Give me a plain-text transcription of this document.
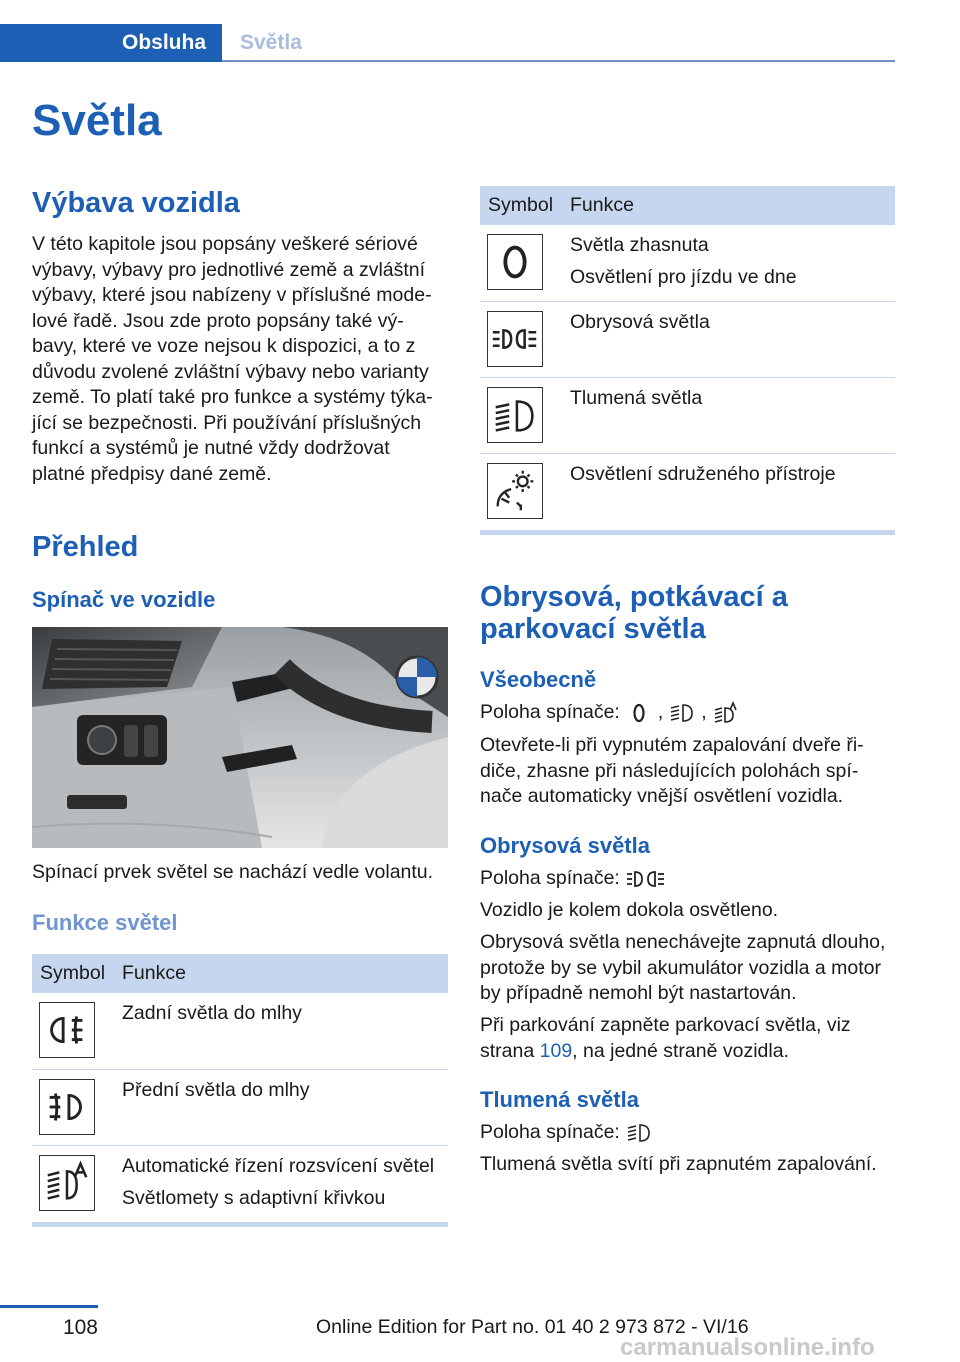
Obsluha	Světla
Světla
Výbava vozidla
V této kapitole jsou popsány veškeré sériové
výbavy, výbavy pro jednotlivé země a zvláštní
výbavy, které jsou nabízeny v příslušné mode‐
lové řadě. Jsou zde proto popsány také vý‐
bavy, které ve voze nejsou k dispozici, a to z
důvodu zvolené zvláštní výbavy nebo varianty
země. To platí také pro funkce a systémy týka‐
jící se bezpečnosti. Při používání příslušných
funkcí a systémů je nutné vždy dodržovat
platné předpisy dané země.
Přehled
Spínač ve vozidle
Spínací prvek světel se nachází vedle volantu.
Funkce světel
Symbol Funkce
Zadní světla do mlhy
Přední světla do mlhy
Automatické řízení rozsvícení světel
Světlomety s adaptivní křivkou
Symbol Funkce
Světla zhasnuta
Osvětlení pro jízdu ve dne
Obrysová světla
Tlumená světla
Osvětlení sdruženého přístroje
Obrysová, potkávací a parkovací světla
Všeobecně
Poloha spínače: , ,
Otevřete-li při vypnutém zapalování dveře ři‐
diče, zhasne při následujících polohách spí‐
nače automaticky vnější osvětlení vozidla.
Obrysová světla
Poloha spínače:
Vozidlo je kolem dokola osvětleno.
Obrysová světla nenechávejte zapnutá dlouho,
protože by se vybil akumulátor vozidla a motor
by případně nemohl být nastartován.
Při parkování zapněte parkovací světla, viz
strana 109, na jedné straně vozidla.
Tlumená světla
Poloha spínače:
Tlumená světla svítí při zapnutém zapalování.
108	Online Edition for Part no. 01 40 2 973 872 - VI/16
carmanualsonline.info
